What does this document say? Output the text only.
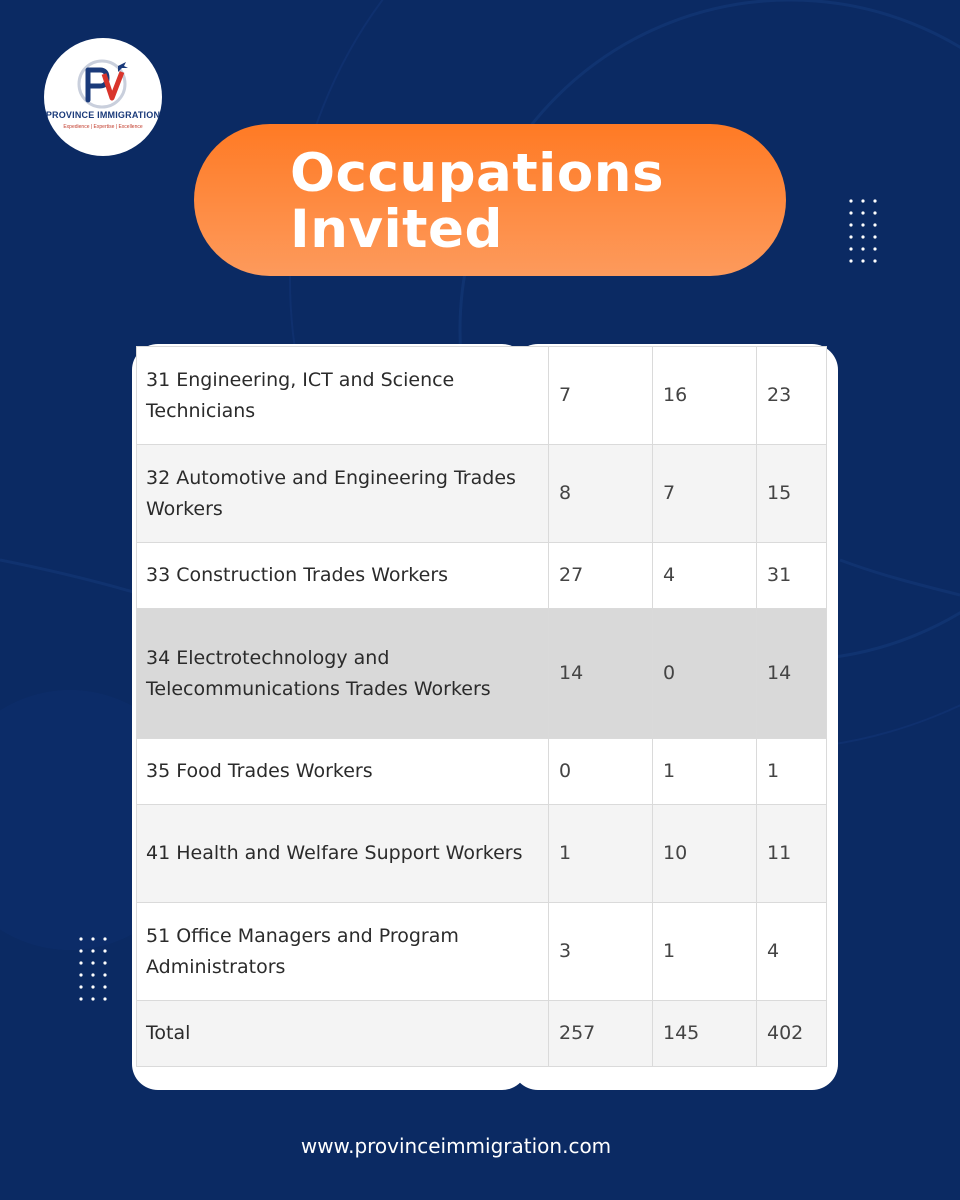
PROVINCE IMMIGRATION
Expedience | Expertise | Excellence
Occupations
Invited
31 Engineering, ICT and Science Technicians	7	16	23
32 Automotive and Engineering Trades Workers	8	7	15
33 Construction Trades Workers	27	4	31
34 Electrotechnology and Telecommunications Trades Workers	14	0	14
35 Food Trades Workers	0	1	1
41 Health and Welfare Support Workers	1	10	11
51 Office Managers and Program Administrators	3	1	4
Total	257	145	402
www.provinceimmigration.com
